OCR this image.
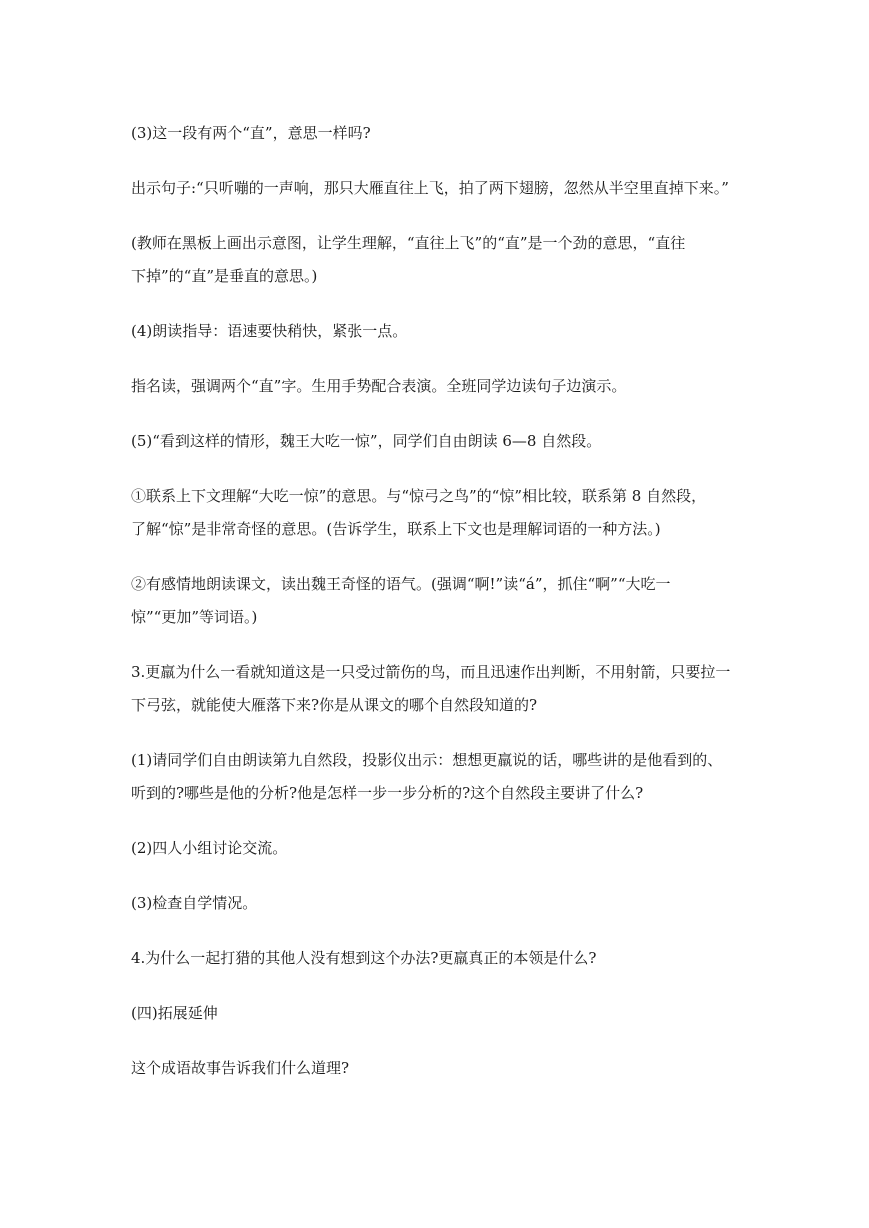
(3)这一段有两个“直”，意思一样吗?
出示句子:“只听嘣的一声响，那只大雁直往上飞，拍了两下翅膀，忽然从半空里直掉下来。”
(教师在黑板上画出示意图，让学生理解，“直往上飞”的“直”是一个劲的意思，“直往
下掉”的“直”是垂直的意思。)
(4)朗读指导：语速要快稍快，紧张一点。
指名读，强调两个“直”字。生用手势配合表演。全班同学边读句子边演示。
(5)“看到这样的情形，魏王大吃一惊”，同学们自由朗读 6—8 自然段。
①联系上下文理解“大吃一惊”的意思。与“惊弓之鸟”的“惊”相比较，联系第 8 自然段，
了解“惊”是非常奇怪的意思。(告诉学生，联系上下文也是理解词语的一种方法。)
②有感情地朗读课文，读出魏王奇怪的语气。(强调“啊!”读“á”，抓住“啊”“大吃一
惊”“更加”等词语。)
3.更羸为什么一看就知道这是一只受过箭伤的鸟，而且迅速作出判断，不用射箭，只要拉一
下弓弦，就能使大雁落下来?你是从课文的哪个自然段知道的?
(1)请同学们自由朗读第九自然段，投影仪出示：想想更羸说的话，哪些讲的是他看到的、
听到的?哪些是他的分析?他是怎样一步一步分析的?这个自然段主要讲了什么?
(2)四人小组讨论交流。
(3)检查自学情况。
4.为什么一起打猎的其他人没有想到这个办法?更羸真正的本领是什么?
(四)拓展延伸
这个成语故事告诉我们什么道理?
